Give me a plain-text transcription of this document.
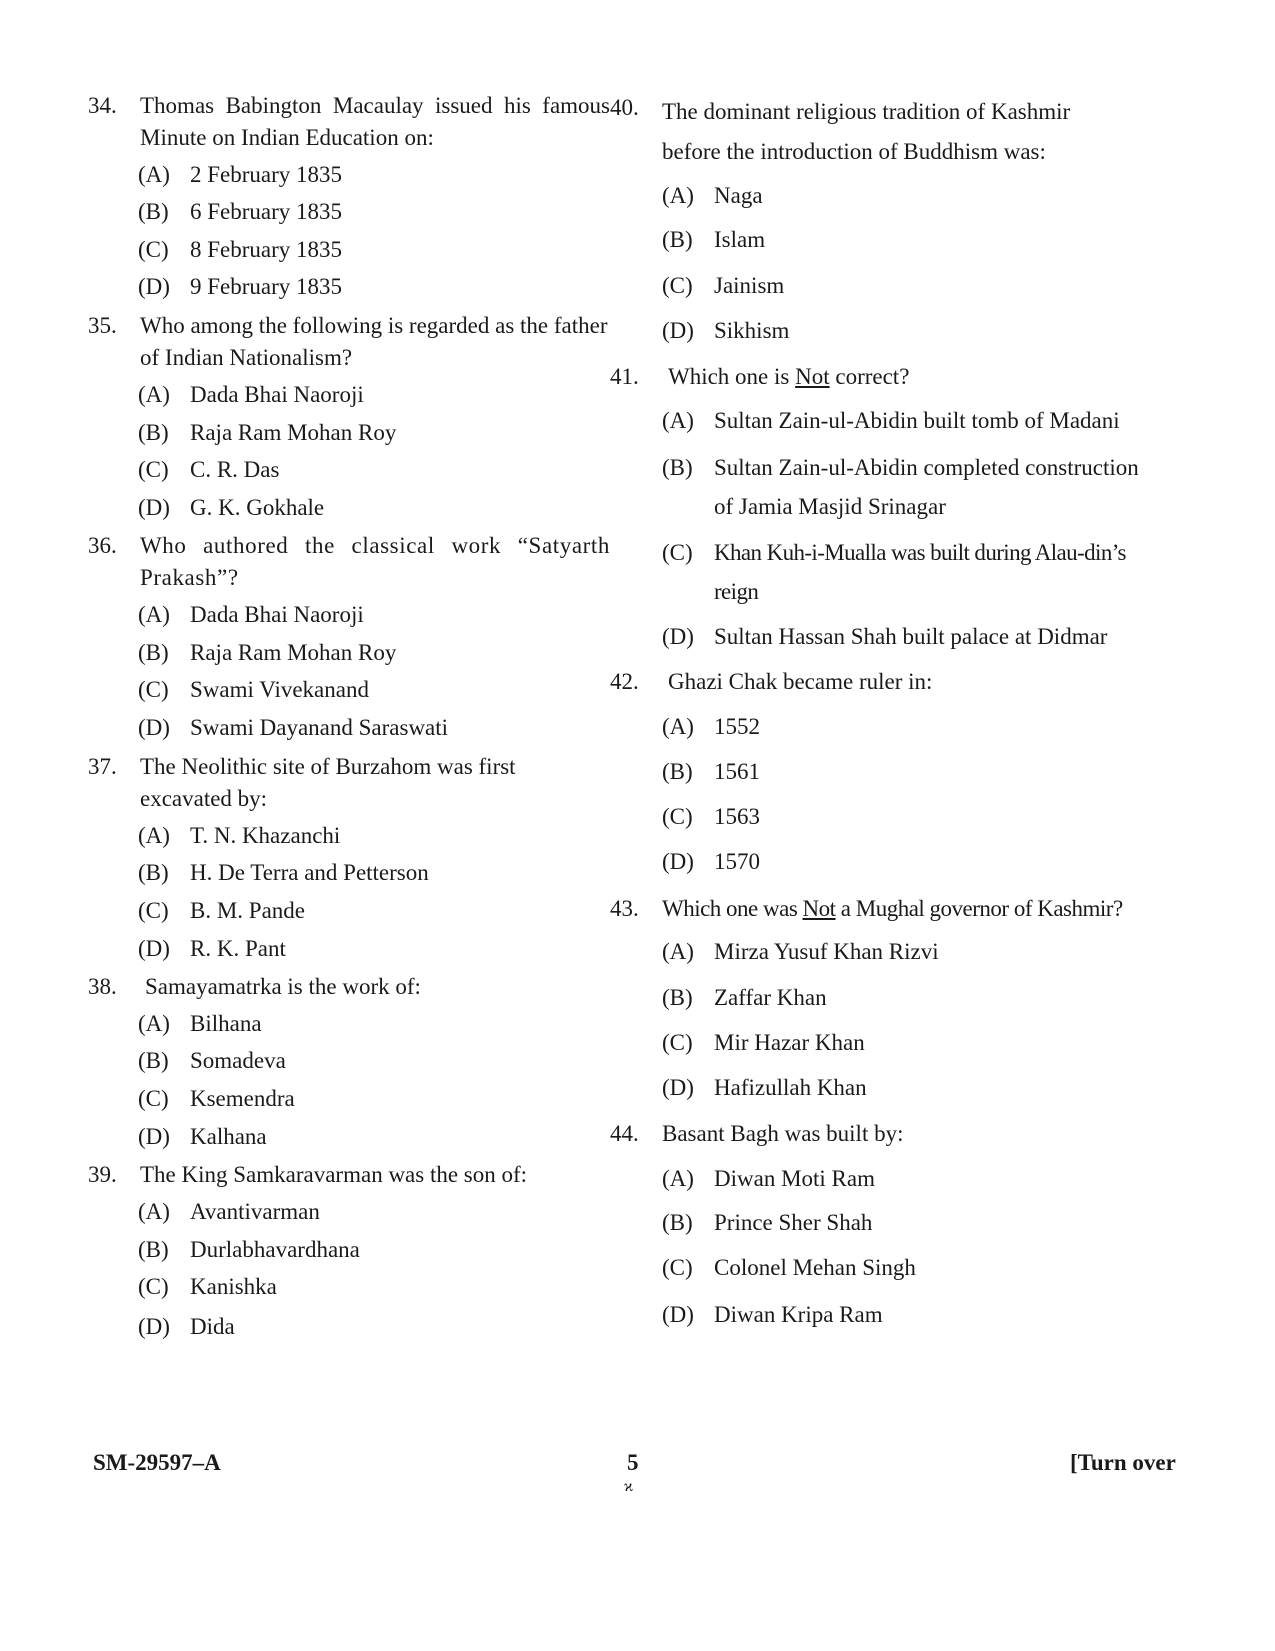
34.	Thomas Babington Macaulay issued his famous Minute on Indian Education on:
(A) 2 February 1835
(B) 6 February 1835
(C) 8 February 1835
(D) 9 February 1835
35.	Who among the following is regarded as the father of Indian Nationalism?
(A) Dada Bhai Naoroji
(B) Raja Ram Mohan Roy
(C) C. R. Das
(D) G. K. Gokhale
36.	Who authored the classical work “Satyarth Prakash”?
(A) Dada Bhai Naoroji
(B) Raja Ram Mohan Roy
(C) Swami Vivekanand
(D) Swami Dayanand Saraswati
37.	The Neolithic site of Burzahom was first excavated by:
(A) T. N. Khazanchi
(B) H. De Terra and Petterson
(C) B. M. Pande
(D) R. K. Pant
38.	Samayamatrka is the work of:
(A) Bilhana
(B) Somadeva
(C) Ksemendra
(D) Kalhana
39.	The King Samkaravarman was the son of:
(A) Avantivarman
(B) Durlabhavardhana
(C) Kanishka
(D) Dida
40.	The dominant religious tradition of Kashmir before the introduction of Buddhism was:
(A) Naga
(B) Islam
(C) Jainism
(D) Sikhism
41.	Which one is Not correct?
(A) Sultan Zain-ul-Abidin built tomb of Madani
(B) Sultan Zain-ul-Abidin completed construction of Jamia Masjid Srinagar
(C) Khan Kuh-i-Mualla was built during Alau-din’s reign
(D) Sultan Hassan Shah built palace at Didmar
42.	Ghazi Chak became ruler in:
(A) 1552
(B) 1561
(C) 1563
(D) 1570
43.	Which one was Not a Mughal governor of Kashmir?
(A) Mirza Yusuf Khan Rizvi
(B) Zaffar Khan
(C) Mir Hazar Khan
(D) Hafizullah Khan
44.	Basant Bagh was built by:
(A) Diwan Moti Ram
(B) Prince Sher Shah
(C) Colonel Mehan Singh
(D) Diwan Kripa Ram
SM-29597–A	5	[Turn over
ϰ
